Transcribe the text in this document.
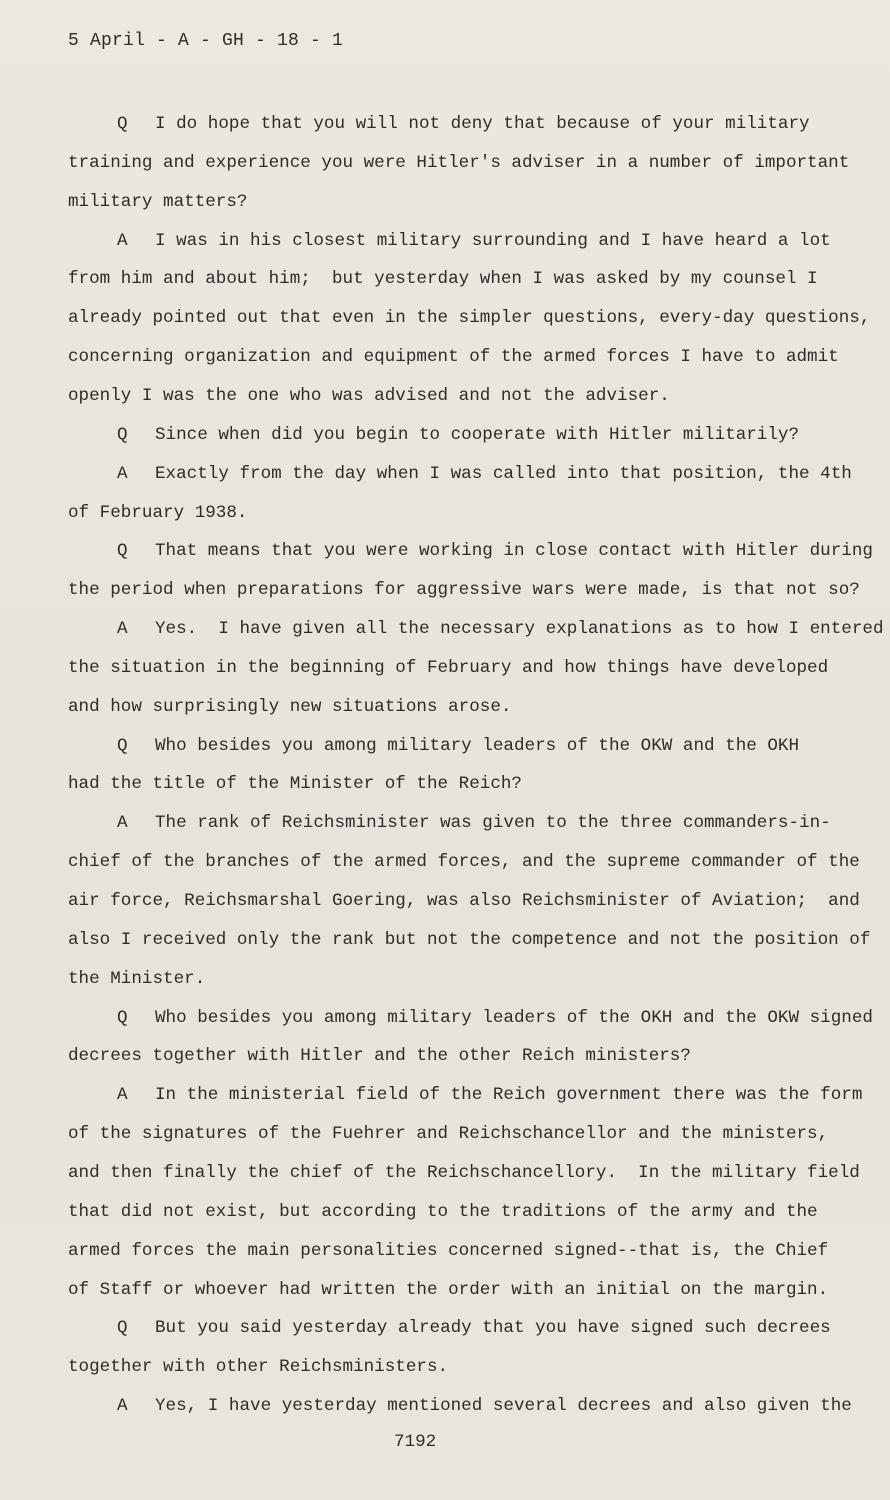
5 April - A - GH - 18 - 1
Q I do hope that you will not deny that because of your military
training and experience you were Hitler's adviser in a number of important
military matters?
A I was in his closest military surrounding and I have heard a lot
from him and about him;  but yesterday when I was asked by my counsel I
already pointed out that even in the simpler questions, every-day questions,
concerning organization and equipment of the armed forces I have to admit
openly I was the one who was advised and not the adviser.
Q Since when did you begin to cooperate with Hitler militarily?
A Exactly from the day when I was called into that position, the 4th
of February 1938.
Q That means that you were working in close contact with Hitler during
the period when preparations for aggressive wars were made, is that not so?
A Yes.  I have given all the necessary explanations as to how I entered
the situation in the beginning of February and how things have developed
and how surprisingly new situations arose.
Q Who besides you among military leaders of the OKW and the OKH
had the title of the Minister of the Reich?
A The rank of Reichsminister was given to the three commanders-in-
chief of the branches of the armed forces, and the supreme commander of the
air force, Reichsmarshal Goering, was also Reichsminister of Aviation;  and
also I received only the rank but not the competence and not the position of
the Minister.
Q Who besides you among military leaders of the OKH and the OKW signed
decrees together with Hitler and the other Reich ministers?
A In the ministerial field of the Reich government there was the form
of the signatures of the Fuehrer and Reichschancellor and the ministers,
and then finally the chief of the Reichschancellory.  In the military field
that did not exist, but according to the traditions of the army and the
armed forces the main personalities concerned signed--that is, the Chief
of Staff or whoever had written the order with an initial on the margin.
Q But you said yesterday already that you have signed such decrees
together with other Reichsministers.
A Yes, I have yesterday mentioned several decrees and also given the
7192
